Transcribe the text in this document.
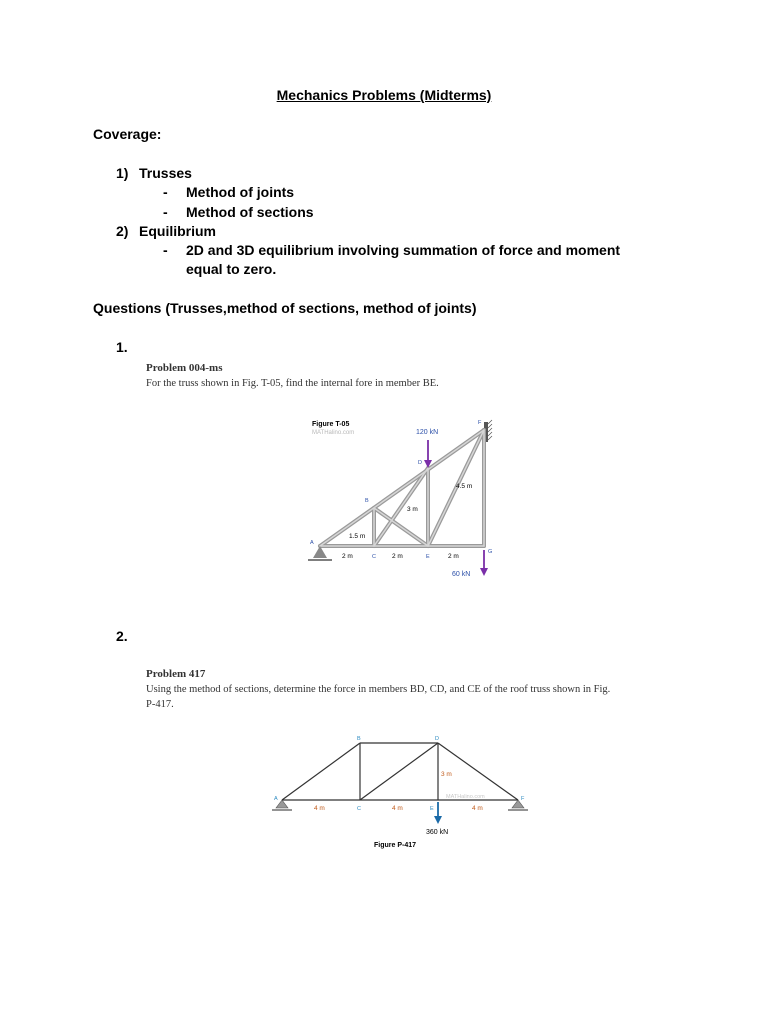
Mechanics Problems (Midterms)
Coverage:
1) Trusses
- Method of joints
- Method of sections
2) Equilibrium
- 2D and 3D equilibrium involving summation of force and moment
equal to zero.
Questions (Trusses,method of sections, method of joints)
1.
Problem 004-ms
For the truss shown in Fig. T-05, find the internal fore in member BE.
Figure T-05
MATHalino.com	120 kN
60 kN
1.5 m
3 m
4.5 m
2 m	2 m	2 m
A
B
C
D
E
F
G
2.
Problem 417
Using the method of sections, determine the force in members BD, CD, and CE of the roof truss shown in Fig.
P-417.
360 kN
4 m	4 m	4 m
3 m
MATHalino.com
A
B
C
D
E
F
Figure P-417
